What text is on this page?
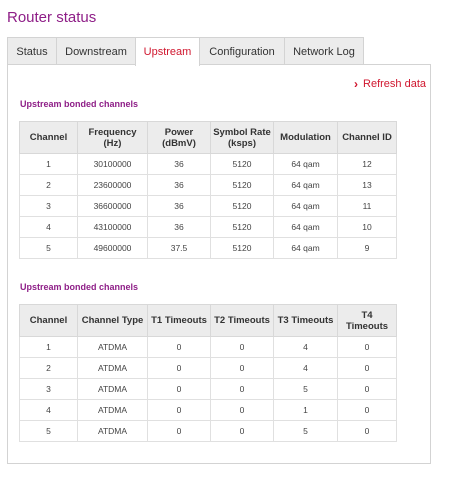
Router status
Status	Downstream	Upstream	Configuration	Network Log
› Refresh data
Upstream bonded channels
Channel	Frequency (Hz)	Power (dBmV)	Symbol Rate (ksps)	Modulation	Channel ID
1	30100000	36	5120	64 qam	12
2	23600000	36	5120	64 qam	13
3	36600000	36	5120	64 qam	11
4	43100000	36	5120	64 qam	10
5	49600000	37.5	5120	64 qam	9
Upstream bonded channels
Channel	Channel Type	T1 Timeouts	T2 Timeouts	T3 Timeouts	T4 Timeouts
1	ATDMA	0	0	4	0
2	ATDMA	0	0	4	0
3	ATDMA	0	0	5	0
4	ATDMA	0	0	1	0
5	ATDMA	0	0	5	0
